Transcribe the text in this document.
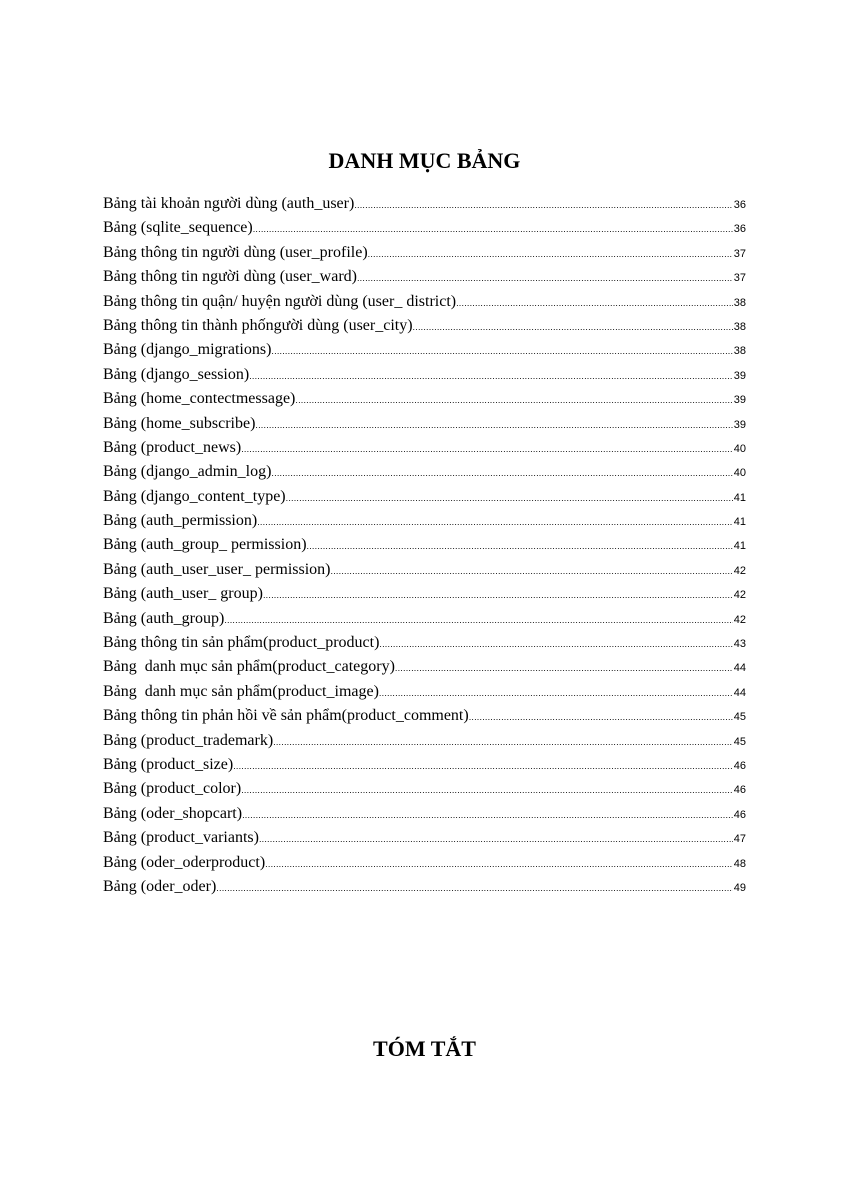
DANH MỤC BẢNG
Bảng tài khoản người dùng (auth_user) .....	36
Bảng (sqlite_sequence) .....	36
Bảng thông tin người dùng (user_profile) .....	37
Bảng thông tin người dùng (user_ward) .....	37
Bảng thông tin quận/ huyện người dùng (user_ district) .....	38
Bảng thông tin thành phốngười dùng (user_city) .....	38
Bảng (django_migrations) .....	38
Bảng (django_session) .....	39
Bảng (home_contectmessage) .....	39
Bảng (home_subscribe) .....	39
Bảng (product_news) .....	40
Bảng (django_admin_log) .....	40
Bảng (django_content_type) .....	41
Bảng (auth_permission) .....	41
Bảng (auth_group_ permission) .....	41
Bảng (auth_user_user_ permission) .....	42
Bảng (auth_user_ group) .....	42
Bảng (auth_group) .....	42
Bảng thông tin sản phẩm(product_product) .....	43
Bảng  danh mục sản phẩm(product_category) .....	44
Bảng  danh mục sản phẩm(product_image) .....	44
Bảng thông tin phản hồi về sản phẩm(product_comment) .....	45
Bảng (product_trademark) .....	45
Bảng (product_size) .....	46
Bảng (product_color) .....	46
Bảng (oder_shopcart) .....	46
Bảng (product_variants) .....	47
Bảng (oder_oderproduct) .....	48
Bảng (oder_oder) .....	49
TÓM TẮT
